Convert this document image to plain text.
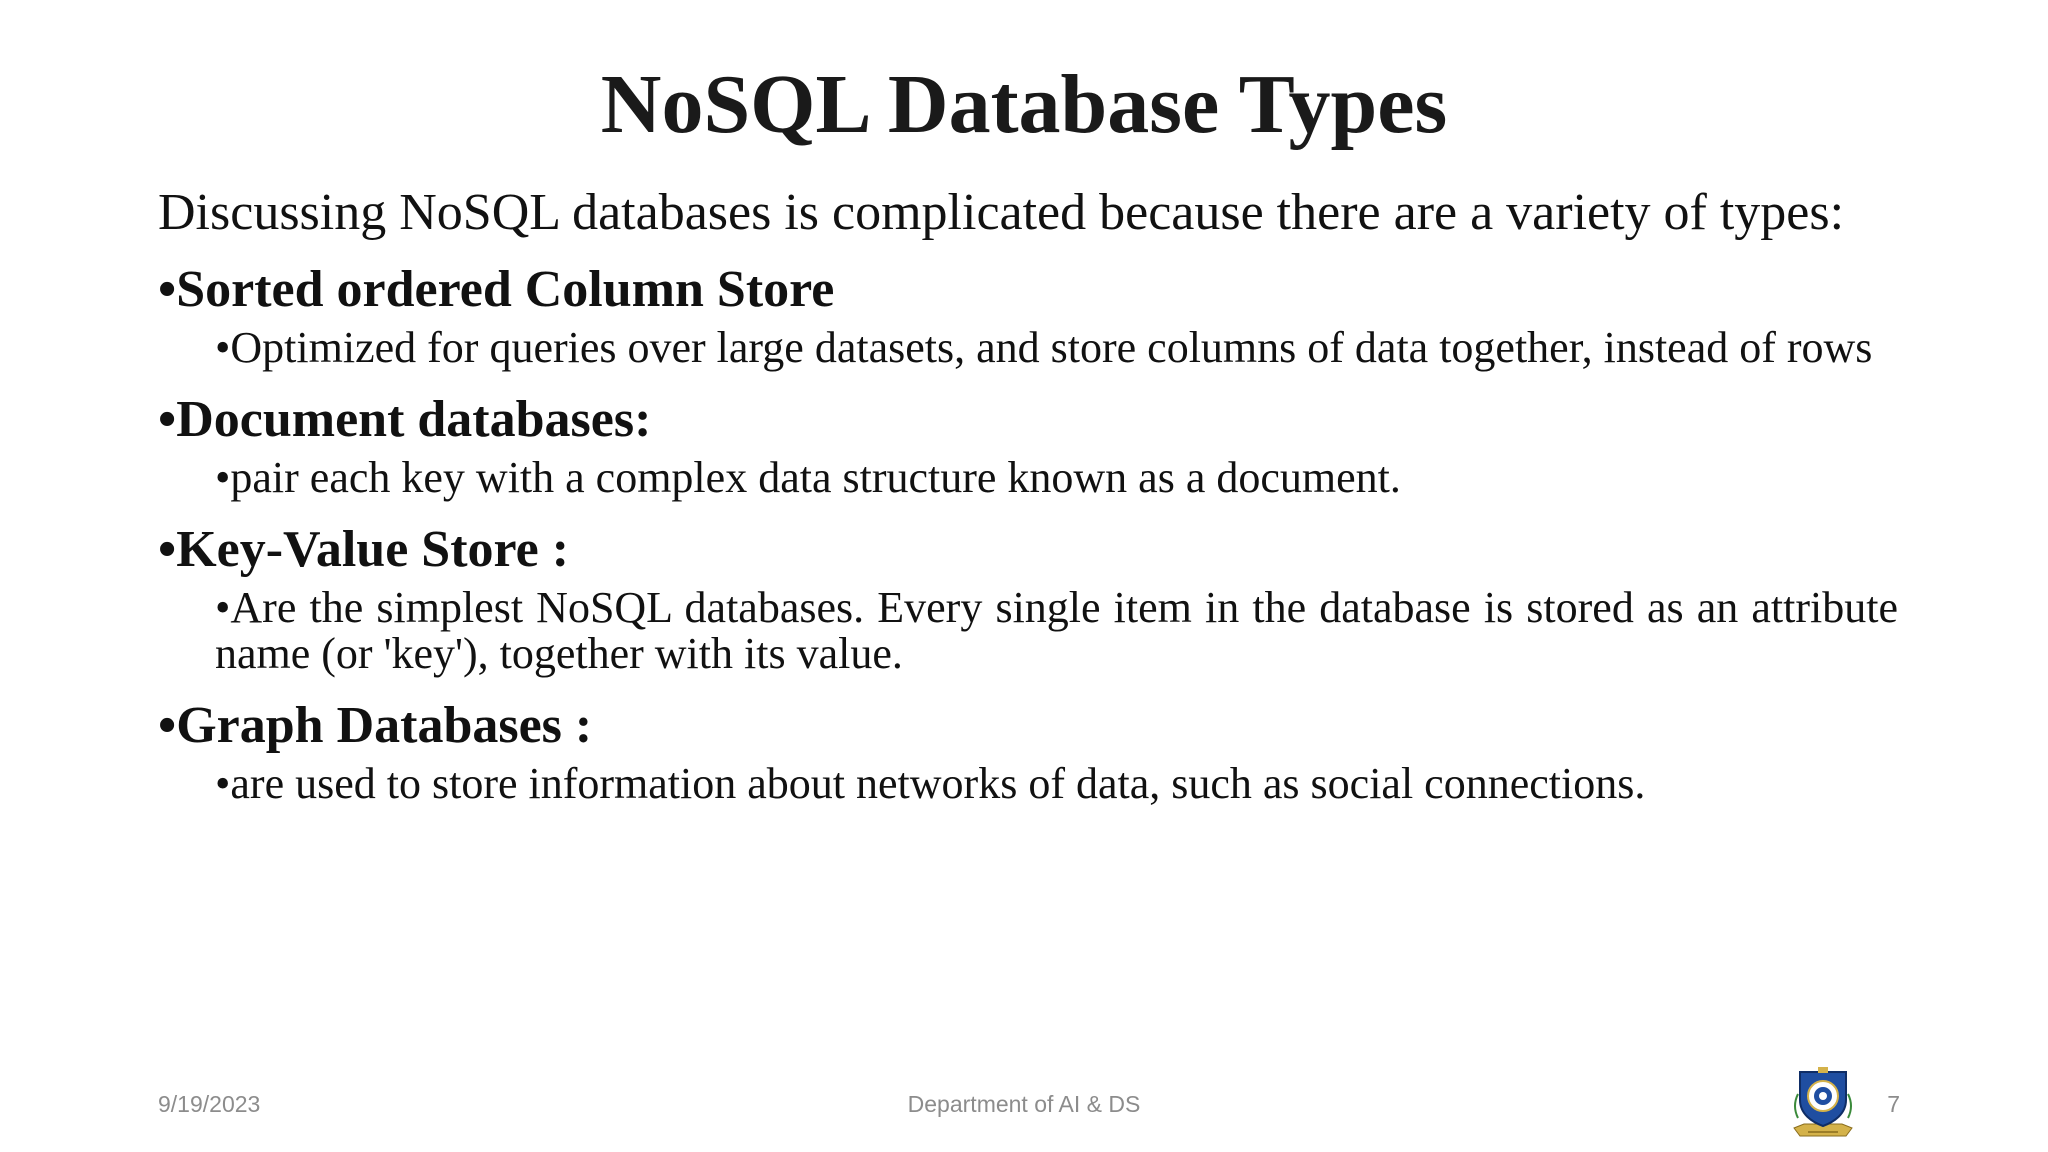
NoSQL Database Types

Discussing NoSQL databases is complicated because there are a variety of types:

•Sorted ordered Column Store

•Optimized for queries over large datasets, and store columns of data together, instead of rows

•Document databases:

•pair each key with a complex data structure known as a document.

•Key-Value Store :

•Are the simplest NoSQL databases. Every single item in the database is stored as an attribute name (or 'key'), together with its value.

•Graph Databases :

•are used to store information about networks of data, such as social connections.

9/19/2023	Department of AI & DS	7
